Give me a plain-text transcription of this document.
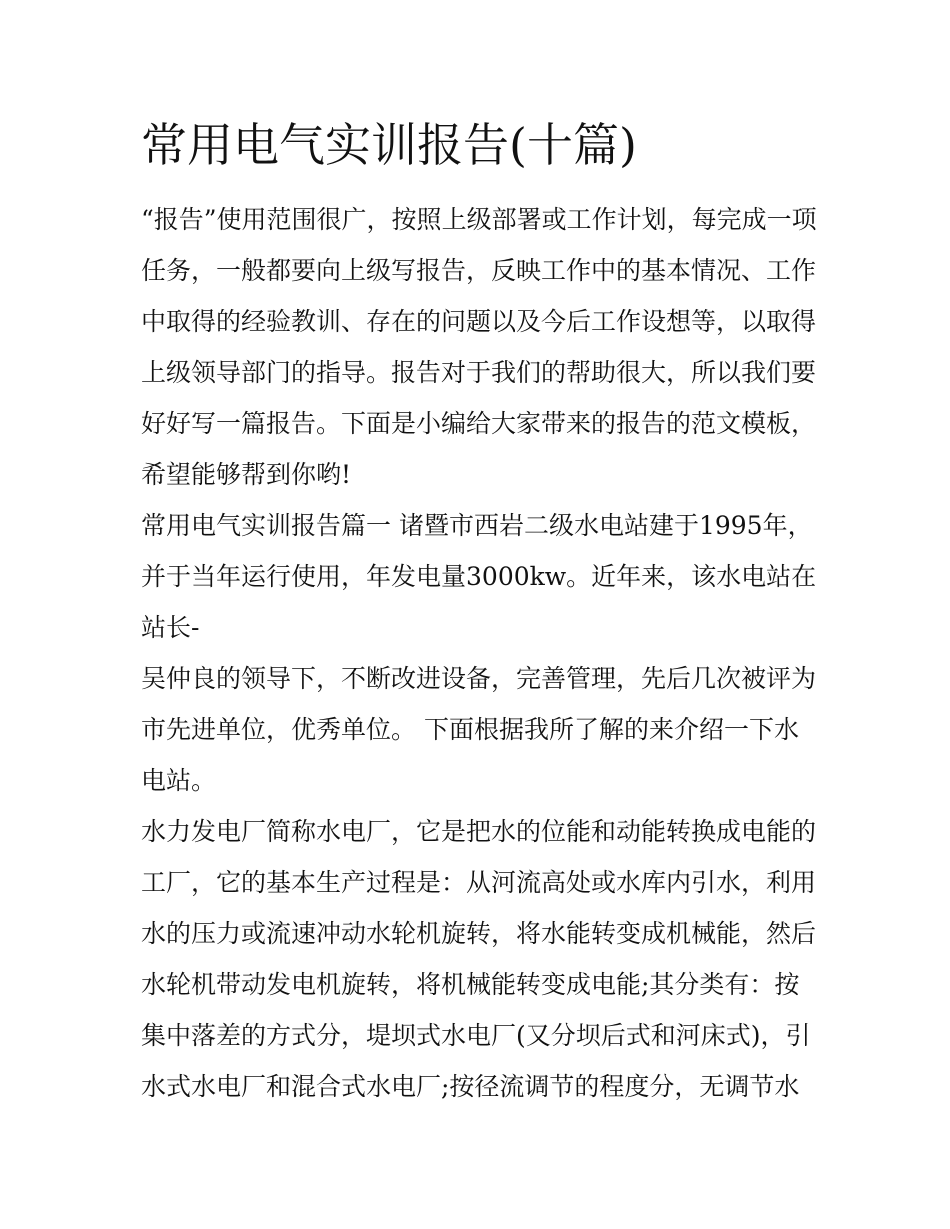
常用电气实训报告(十篇)
“报告”使用范围很广，按照上级部署或工作计划，每完成一项
任务，一般都要向上级写报告，反映工作中的基本情况、工作
中取得的经验教训、存在的问题以及今后工作设想等，以取得
上级领导部门的指导。报告对于我们的帮助很大，所以我们要
好好写一篇报告。下面是小编给大家带来的报告的范文模板，
希望能够帮到你哟!
常用电气实训报告篇一 诸暨市西岩二级水电站建于1995年，
并于当年运行使用，年发电量3000kw。近年来，该水电站在
站长-
吴仲良的领导下，不断改进设备，完善管理，先后几次被评为
市先进单位，优秀单位。 下面根据我所了解的来介绍一下水
电站。
水力发电厂简称水电厂，它是把水的位能和动能转换成电能的
工厂，它的基本生产过程是：从河流高处或水库内引水，利用
水的压力或流速冲动水轮机旋转，将水能转变成机械能，然后
水轮机带动发电机旋转，将机械能转变成电能;其分类有：按
集中落差的方式分，堤坝式水电厂(又分坝后式和河床式)，引
水式水电厂和混合式水电厂;按径流调节的程度分，无调节水
